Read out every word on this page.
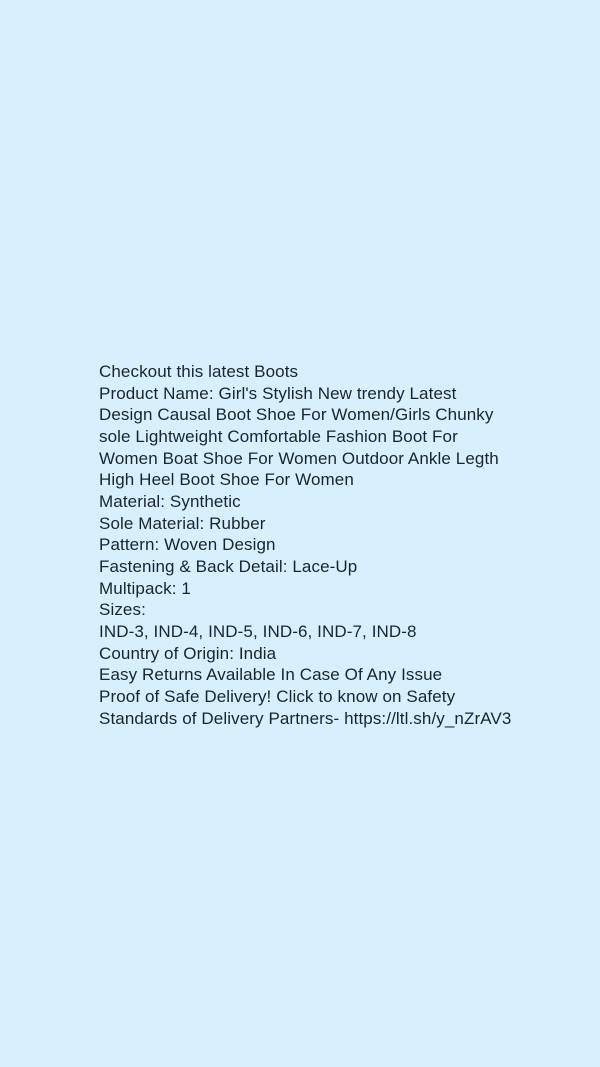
Checkout this latest Boots
Product Name: Girl's Stylish New trendy Latest
Design Causal Boot Shoe For Women/Girls Chunky
sole Lightweight Comfortable Fashion Boot For
Women Boat Shoe For Women Outdoor Ankle Legth
High Heel Boot Shoe For Women
Material: Synthetic
Sole Material: Rubber
Pattern: Woven Design
Fastening & Back Detail: Lace-Up
Multipack: 1
Sizes:
IND-3, IND-4, IND-5, IND-6, IND-7, IND-8
Country of Origin: India
Easy Returns Available In Case Of Any Issue
Proof of Safe Delivery! Click to know on Safety
Standards of Delivery Partners- https://ltl.sh/y_nZrAV3
